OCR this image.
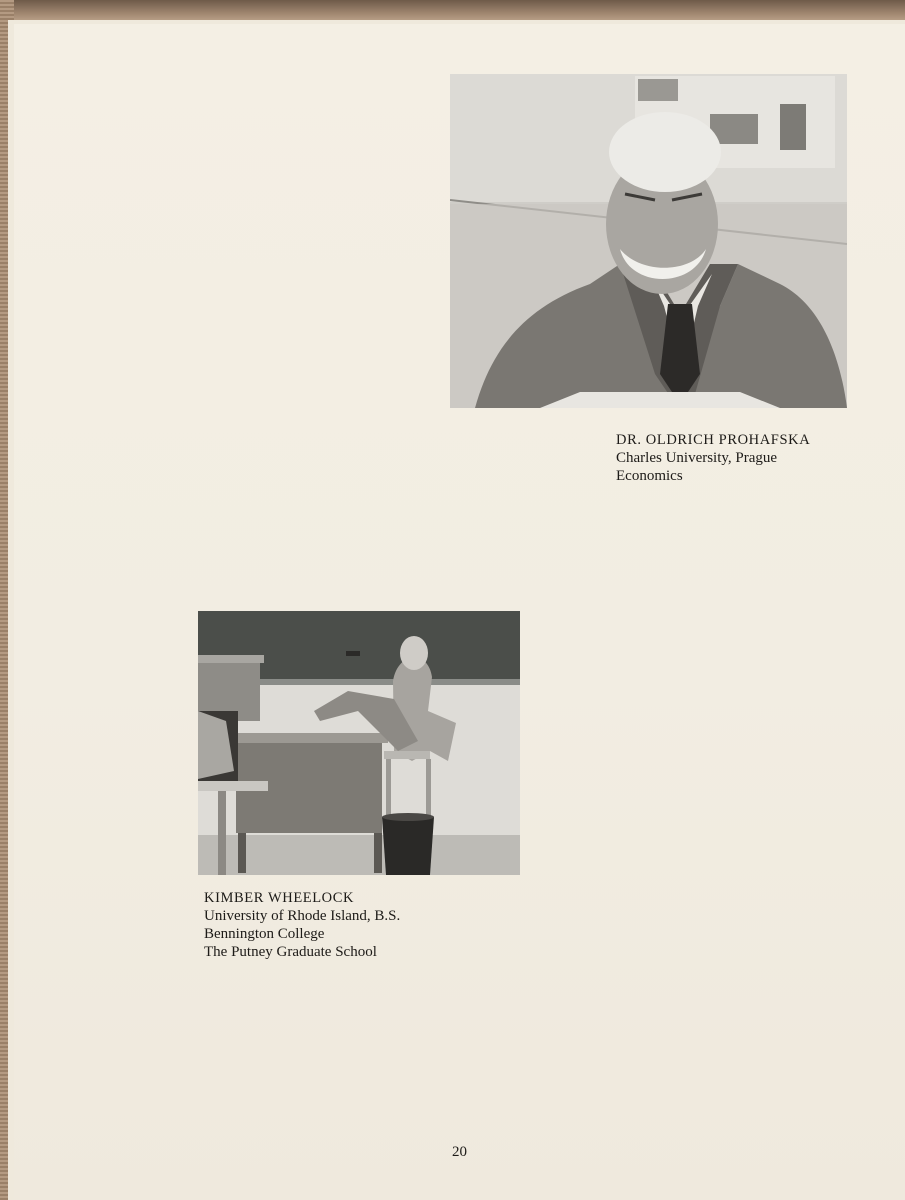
DR. OLDRICH PROHAFSKA
Charles University, Prague
Economics
KIMBER WHEELOCK
University of Rhode Island, B.S.
Bennington College
The Putney Graduate School
20
